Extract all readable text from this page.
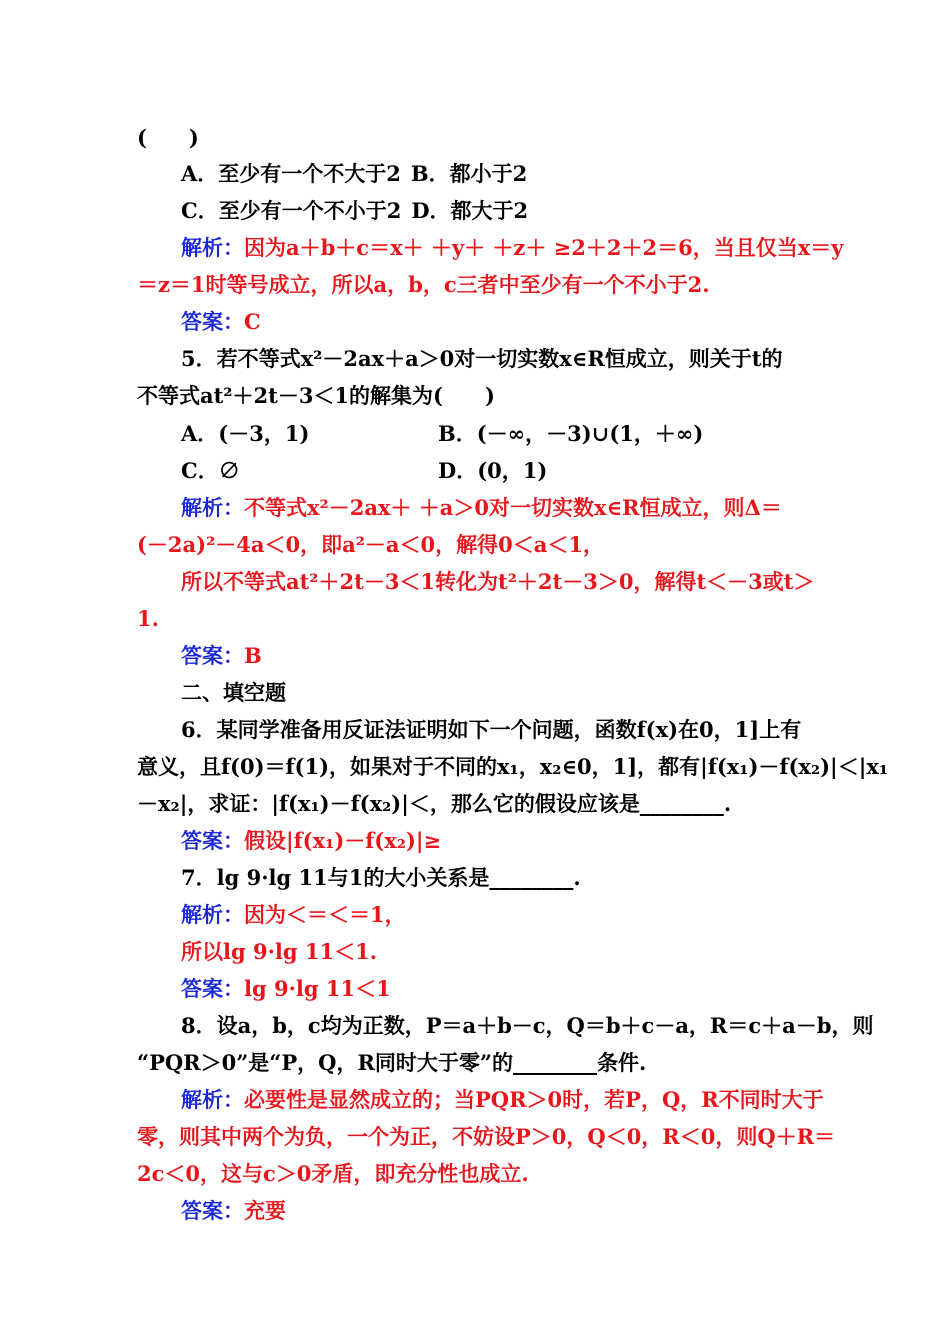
(　　)
A．至少有一个不大于2 B．都小于2
C．至少有一个不小于2 D．都大于2
解析：因为a＋b＋c＝x＋ ＋y＋ ＋z＋ ≥2＋2＋2＝6，当且仅当x＝y
＝z＝1时等号成立，所以a，b，c三者中至少有一个不小于2.
答案：C
5．若不等式x²－2ax＋a＞0对一切实数x∈R恒成立，则关于t的
不等式at²＋2t－3＜1的解集为(　　)
A．(－3，1)	B．(－∞，－3)∪(1，＋∞)
C．∅	D．(0，1)
解析：不等式x²－2ax＋ ＋a＞0对一切实数x∈R恒成立，则Δ＝
(－2a)²－4a＜0，即a²－a＜0，解得0＜a＜1，
所以不等式at²＋2t－3＜1转化为t²＋2t－3＞0，解得t＜－3或t＞
1.
答案：B
二、填空题
6．某同学准备用反证法证明如下一个问题，函数f(x)在0，1]上有
意义，且f(0)＝f(1)，如果对于不同的x₁，x₂∈0，1]，都有|f(x₁)－f(x₂)|＜|x₁
－x₂|，求证：|f(x₁)－f(x₂)|＜，那么它的假设应该是________.
答案：假设|f(x₁)－f(x₂)|≥
7．lg 9·lg 11与1的大小关系是________.
解析：因为＜＝＜＝1，
所以lg 9·lg 11＜1.
答案：lg 9·lg 11＜1
8．设a，b，c均为正数，P＝a＋b－c，Q＝b＋c－a，R＝c＋a－b，则
“PQR＞0”是“P，Q，R同时大于零”的________条件.
解析：必要性是显然成立的；当PQR＞0时，若P，Q，R不同时大于
零，则其中两个为负，一个为正，不妨设P＞0，Q＜0，R＜0，则Q＋R＝
2c＜0，这与c＞0矛盾，即充分性也成立.
答案：充要
